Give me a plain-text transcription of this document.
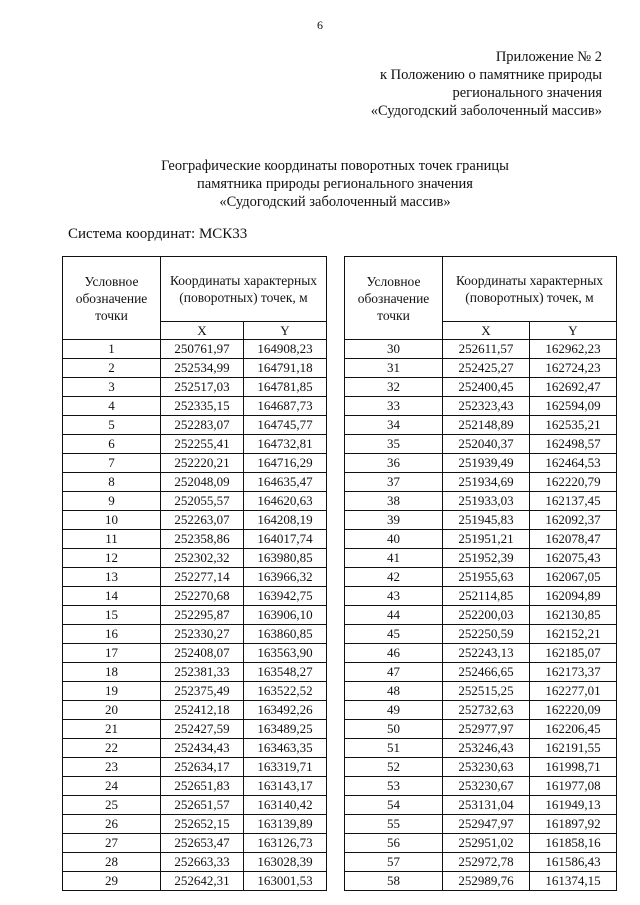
6
Приложение № 2
к Положению о памятнике природы
регионального значения
«Судогодский заболоченный массив»
Географические координаты поворотных точек границы
памятника природы регионального значения
«Судогодский заболоченный массив»
Система координат: МСК33
Условное обозначение точки	Координаты характерных (поворотных) точек, м	
	X	Y
1	250761,97	164908,23
2	252534,99	164791,18
3	252517,03	164781,85
4	252335,15	164687,73
5	252283,07	164745,77
6	252255,41	164732,81
7	252220,21	164716,29
8	252048,09	164635,47
9	252055,57	164620,63
10	252263,07	164208,19
11	252358,86	164017,74
12	252302,32	163980,85
13	252277,14	163966,32
14	252270,68	163942,75
15	252295,87	163906,10
16	252330,27	163860,85
17	252408,07	163563,90
18	252381,33	163548,27
19	252375,49	163522,52
20	252412,18	163492,26
21	252427,59	163489,25
22	252434,43	163463,35
23	252634,17	163319,71
24	252651,83	163143,17
25	252651,57	163140,42
26	252652,15	163139,89
27	252653,47	163126,73
28	252663,33	163028,39
29	252642,31	163001,53
Условное обозначение точки	Координаты характерных (поворотных) точек, м	
	X	Y
30	252611,57	162962,23
31	252425,27	162724,23
32	252400,45	162692,47
33	252323,43	162594,09
34	252148,89	162535,21
35	252040,37	162498,57
36	251939,49	162464,53
37	251934,69	162220,79
38	251933,03	162137,45
39	251945,83	162092,37
40	251951,21	162078,47
41	251952,39	162075,43
42	251955,63	162067,05
43	252114,85	162094,89
44	252200,03	162130,85
45	252250,59	162152,21
46	252243,13	162185,07
47	252466,65	162173,37
48	252515,25	162277,01
49	252732,63	162220,09
50	252977,97	162206,45
51	253246,43	162191,55
52	253230,63	161998,71
53	253230,67	161977,08
54	253131,04	161949,13
55	252947,97	161897,92
56	252951,02	161858,16
57	252972,78	161586,43
58	252989,76	161374,15
